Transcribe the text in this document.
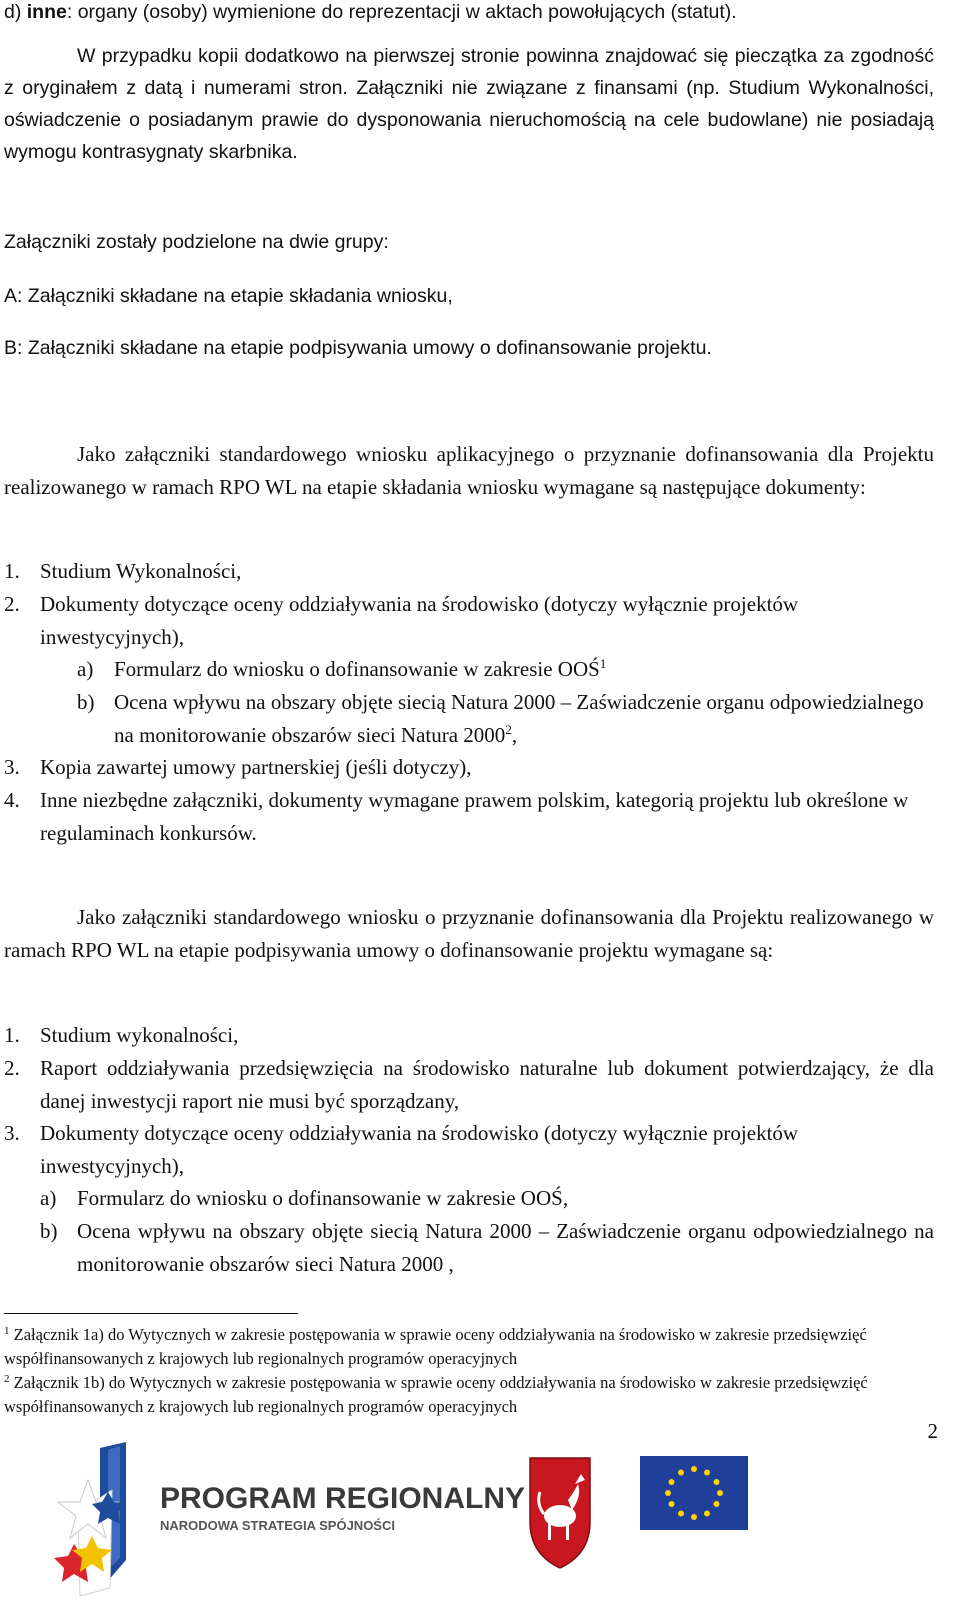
d) inne: organy (osoby) wymienione do reprezentacji w aktach powołujących (statut).

W przypadku kopii dodatkowo na pierwszej stronie powinna znajdować się pieczątka za zgodność z oryginałem z datą i numerami stron. Załączniki nie związane z finansami (np. Studium Wykonalności, oświadczenie o posiadanym prawie do dysponowania nieruchomością na cele budowlane) nie posiadają wymogu kontrasygnaty skarbnika.

Załączniki zostały podzielone na dwie grupy:

A: Załączniki składane na etapie składania wniosku,

B: Załączniki składane na etapie podpisywania umowy o dofinansowanie projektu.

Jako załączniki standardowego wniosku aplikacyjnego o przyznanie dofinansowania dla Projektu realizowanego w ramach RPO WL na etapie składania wniosku wymagane są następujące dokumenty:

1. Studium Wykonalności,
2. Dokumenty dotyczące oceny oddziaływania na środowisko (dotyczy wyłącznie projektów inwestycyjnych),
a) Formularz do wniosku o dofinansowanie w zakresie OOŚ$^1$
b) Ocena wpływu na obszary objęte siecią Natura 2000 – Zaświadczenie organu odpowiedzialnego na monitorowanie obszarów sieci Natura 2000$^2$,
3. Kopia zawartej umowy partnerskiej (jeśli dotyczy),
4. Inne niezbędne załączniki, dokumenty wymagane prawem polskim, kategorią projektu lub określone w regulaminach konkursów.

Jako załączniki standardowego wniosku o przyznanie dofinansowania dla Projektu realizowanego w ramach RPO WL na etapie podpisywania umowy o dofinansowanie projektu wymagane są:

1. Studium wykonalności,
2. Raport oddziaływania przedsięwzięcia na środowisko naturalne lub dokument potwierdzający, że dla danej inwestycji raport nie musi być sporządzany,
3. Dokumenty dotyczące oceny oddziaływania na środowisko (dotyczy wyłącznie projektów inwestycyjnych),
a) Formularz do wniosku o dofinansowanie w zakresie OOŚ,
b) Ocena wpływu na obszary objęte siecią Natura 2000 – Zaświadczenie organu odpowiedzialnego na monitorowanie obszarów sieci Natura 2000 ,
$^1$ Załącznik 1a) do Wytycznych w zakresie postępowania w sprawie oceny oddziaływania na środowisko w zakresie przedsięwzięć współfinansowanych z krajowych lub regionalnych programów operacyjnych
$^2$ Załącznik 1b) do Wytycznych w zakresie postępowania w sprawie oceny oddziaływania na środowisko w zakresie przedsięwzięć współfinansowanych z krajowych lub regionalnych programów operacyjnych
2
PROGRAM REGIONALNY
NARODOWA STRATEGIA SPÓJNOŚCI
